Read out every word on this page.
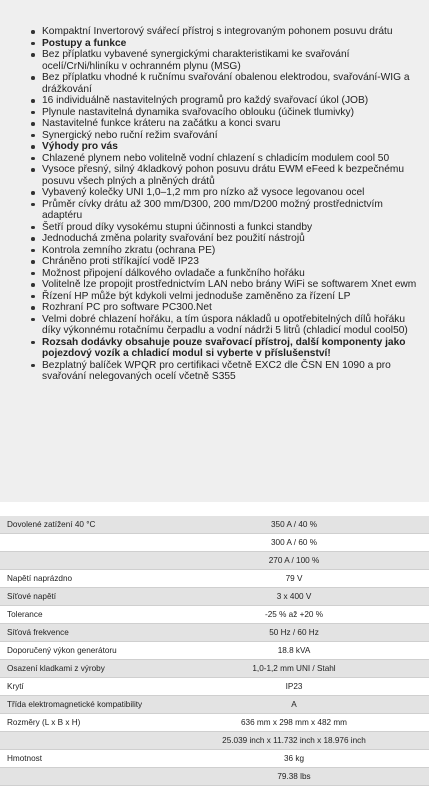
Kompaktní Invertorový svářecí přístroj s integrovaným pohonem posuvu drátu
Postupy a funkce
Bez příplatku vybavené synergickými charakteristikami ke svařování ocelí/CrNi/hliníku v ochranném plynu (MSG)
Bez příplatku vhodné k ručnímu svařování obalenou elektrodou, svařování-WIG a drážkování
16 individuálně nastavitelných programů pro každý svařovací úkol (JOB)
Plynule nastavitelná dynamika svařovacího oblouku (účinek tlumivky)
Nastavitelné funkce kráteru na začátku a konci svaru
Synergický nebo ruční režim svařování
Výhody pro vás
Chlazené plynem nebo volitelně vodní chlazení s chladicím modulem cool 50
Vysoce přesný, silný 4kladkový pohon posuvu drátu EWM eFeed k bezpečnému posuvu všech plných a plněných drátů
Vybavený kolečky UNI 1,0–1,2 mm pro nízko až vysoce legovanou ocel
Průměr cívky drátu až 300 mm/D300, 200 mm/D200 možný prostřednictvím adaptéru
Šetří proud díky vysokému stupni účinnosti a funkci standby
Jednoduchá změna polarity svařování bez použití nástrojů
Kontrola zemního zkratu (ochrana PE)
Chráněno proti stříkající vodě IP23
Možnost připojení dálkového ovladače a funkčního hořáku
Volitelně lze propojit prostřednictvím LAN nebo brány WiFi se softwarem Xnet ewm
Řízení HP může být kdykoli velmi jednoduše zaměněno za řízení LP
Rozhraní PC pro software PC300.Net
Velmi dobré chlazení hořáku, a tím úspora nákladů u opotřebitelných dílů hořáku díky výkonnému rotačnímu čerpadlu a vodní nádrži 5 litrů (chladicí modul cool50)
Rozsah dodávky obsahuje pouze svařovací přístroj, další komponenty jako pojezdový vozík a chladicí modul si vyberte v příslušenství!
Bezplatný balíček WPQR pro certifikaci včetně EXC2 dle ČSN EN 1090 a pro svařování nelegovaných ocelí včetně S355
Dovolené zatížení 40 °C	350 A / 40 %
	300 A / 60 %
	270 A / 100 %
Napětí naprázdno	79 V
Síťové napětí	3 x 400 V
Tolerance	-25 % až +20 %
Síťová frekvence	50 Hz / 60 Hz
Doporučený výkon generátoru	18.8 kVA
Osazení kladkami z výroby	1,0-1,2 mm UNI / Stahl
Krytí	IP23
Třída elektromagnetické kompatibility	A
Rozměry (L x B x H)	636 mm x 298 mm x 482 mm
	25.039 inch x 11.732 inch x 18.976 inch
Hmotnost	36 kg
	79.38 lbs
